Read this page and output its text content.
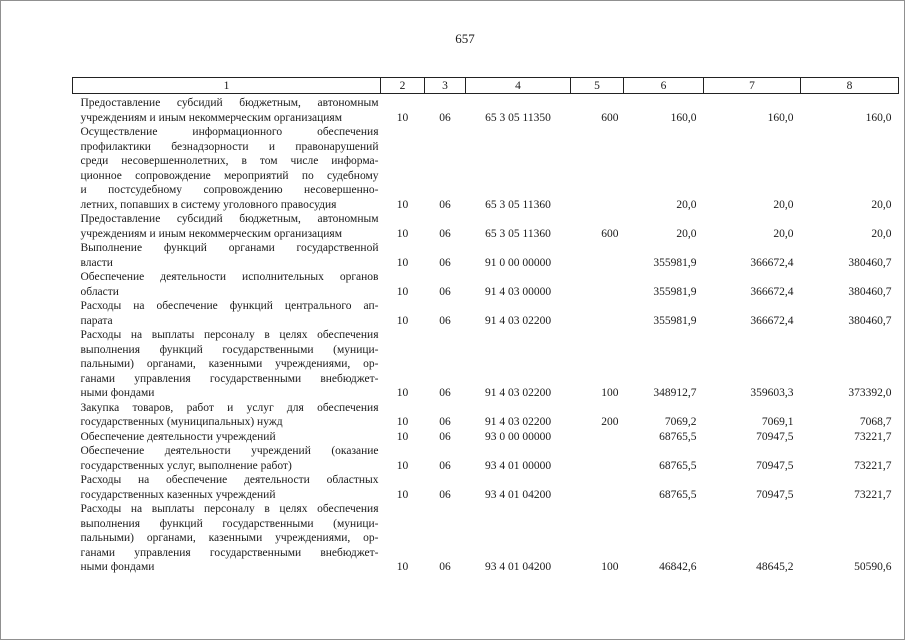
657
1	2	3	4	5	6	7	8

Предоставление субсидий бюджетным, автономным
учреждениям и иным некоммерческим организациям	10	06	65 3 05 11350	600	160,0	160,0	160,0

Осуществление информационного обеспечения
профилактики безнадзорности и правонарушений
среди несовершеннолетних, в том числе информа-
ционное сопровождение мероприятий по судебному
и постсудебному сопровождению несовершенно-
летних, попавших в систему уголовного правосудия	10	06	65 3 05 11360		20,0	20,0	20,0

Предоставление субсидий бюджетным, автономным
учреждениям и иным некоммерческим организациям	10	06	65 3 05 11360	600	20,0	20,0	20,0

Выполнение функций органами государственной
власти	10	06	91 0 00 00000		355981,9	366672,4	380460,7

Обеспечение деятельности исполнительных органов
области	10	06	91 4 03 00000		355981,9	366672,4	380460,7

Расходы на обеспечение функций центрального ап-
парата	10	06	91 4 03 02200		355981,9	366672,4	380460,7

Расходы на выплаты персоналу в целях обеспечения
выполнения функций государственными (муници-
пальными) органами, казенными учреждениями, ор-
ганами управления государственными внебюджет-
ными фондами	10	06	91 4 03 02200	100	348912,7	359603,3	373392,0

Закупка товаров, работ и услуг для обеспечения
государственных (муниципальных) нужд	10	06	91 4 03 02200	200	7069,2	7069,1	7068,7

Обеспечение деятельности учреждений	10	06	93 0 00 00000		68765,5	70947,5	73221,7

Обеспечение деятельности учреждений (оказание
государственных услуг, выполнение работ)	10	06	93 4 01 00000		68765,5	70947,5	73221,7

Расходы на обеспечение деятельности областных
государственных казенных учреждений	10	06	93 4 01 04200		68765,5	70947,5	73221,7

Расходы на выплаты персоналу в целях обеспечения
выполнения функций государственными (муници-
пальными) органами, казенными учреждениями, ор-
ганами управления государственными внебюджет-
ными фондами	10	06	93 4 01 04200	100	46842,6	48645,2	50590,6
